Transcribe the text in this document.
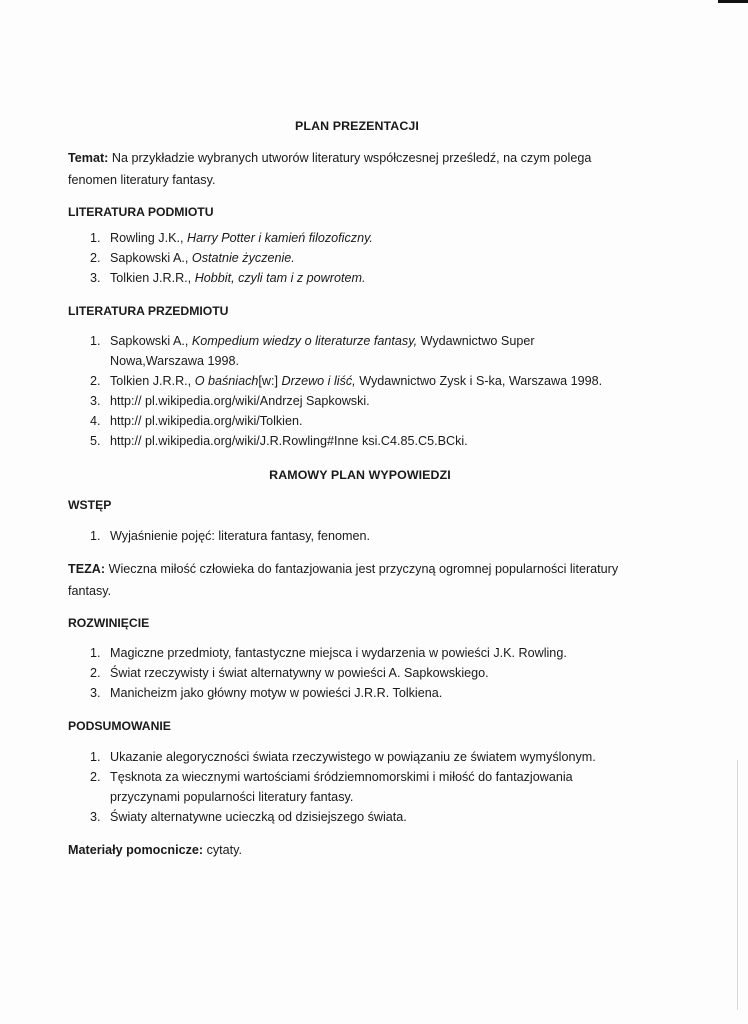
PLAN PREZENTACJI

Temat: Na przykładzie wybranych utworów literatury współczesnej prześledź, na czym polega fenomen literatury fantasy.

LITERATURA PODMIOTU
1. Rowling J.K., Harry Potter i kamień filozoficzny.
2. Sapkowski A., Ostatnie życzenie.
3. Tolkien J.R.R., Hobbit, czyli tam i z powrotem.
LITERATURA PRZEDMIOTU
1. Sapkowski A., Kompedium wiedzy o literaturze fantasy, Wydawnictwo Super Nowa,Warszawa 1998.
2. Tolkien J.R.R., O baśniach[w:] Drzewo i liść, Wydawnictwo Zysk i S-ka, Warszawa 1998.
3. http:// pl.wikipedia.org/wiki/Andrzej Sapkowski.
4. http:// pl.wikipedia.org/wiki/Tolkien.
5. http:// pl.wikipedia.org/wiki/J.R.Rowling#Inne ksi.C4.85.C5.BCki.
RAMOWY PLAN WYPOWIEDZI
WSTĘP
1. Wyjaśnienie pojęć: literatura fantasy, fenomen.

TEZA: Wieczna miłość człowieka do fantazjowania jest przyczyną ogromnej popularności literatury fantasy.

ROZWINIĘCIE
1. Magiczne przedmioty, fantastyczne miejsca i wydarzenia w powieści J.K. Rowling.
2. Świat rzeczywisty i świat alternatywny w powieści A. Sapkowskiego.
3. Manicheizm jako główny motyw w powieści J.R.R. Tolkiena.
PODSUMOWANIE
1. Ukazanie alegoryczności świata rzeczywistego w powiązaniu ze światem wymyślonym.
2. Tęsknota za wiecznymi wartościami śródziemnomorskimi i miłość do fantazjowania przyczynami popularności literatury fantasy.
3. Światy alternatywne ucieczką od dzisiejszego świata.

Materiały pomocnicze: cytaty.
